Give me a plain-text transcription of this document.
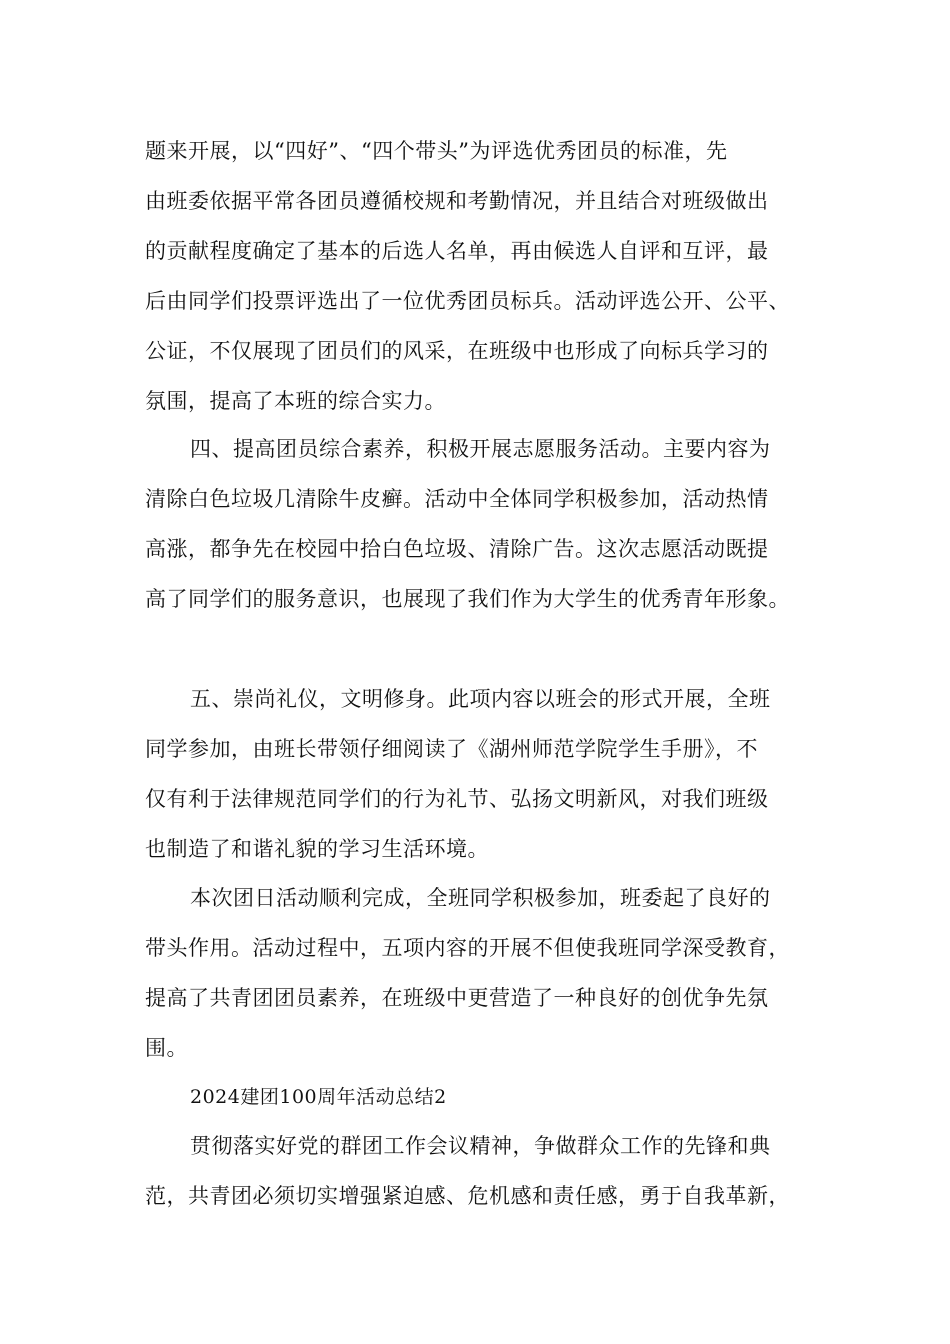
题来开展，以“四好”、“四个带头”为评选优秀团员的标准，先

由班委依据平常各团员遵循校规和考勤情况，并且结合对班级做出

的贡献程度确定了基本的后选人名单，再由候选人自评和互评，最

后由同学们投票评选出了一位优秀团员标兵。活动评选公开、公平、

公证，不仅展现了团员们的风采，在班级中也形成了向标兵学习的

氛围，提高了本班的综合实力。

四、提高团员综合素养，积极开展志愿服务活动。主要内容为

清除白色垃圾几清除牛皮癣。活动中全体同学积极参加，活动热情

高涨，都争先在校园中拾白色垃圾、清除广告。这次志愿活动既提

高了同学们的服务意识，也展现了我们作为大学生的优秀青年形象。

五、崇尚礼仪，文明修身。此项内容以班会的形式开展，全班

同学参加，由班长带领仔细阅读了《湖州师范学院学生手册》，不

仅有利于法律规范同学们的行为礼节、弘扬文明新风，对我们班级

也制造了和谐礼貌的学习生活环境。

本次团日活动顺利完成，全班同学积极参加，班委起了良好的

带头作用。活动过程中，五项内容的开展不但使我班同学深受教育，

提高了共青团团员素养，在班级中更营造了一种良好的创优争先氛

围。

2024建团100周年活动总结2

贯彻落实好党的群团工作会议精神，争做群众工作的先锋和典

范，共青团必须切实增强紧迫感、危机感和责任感，勇于自我革新，
